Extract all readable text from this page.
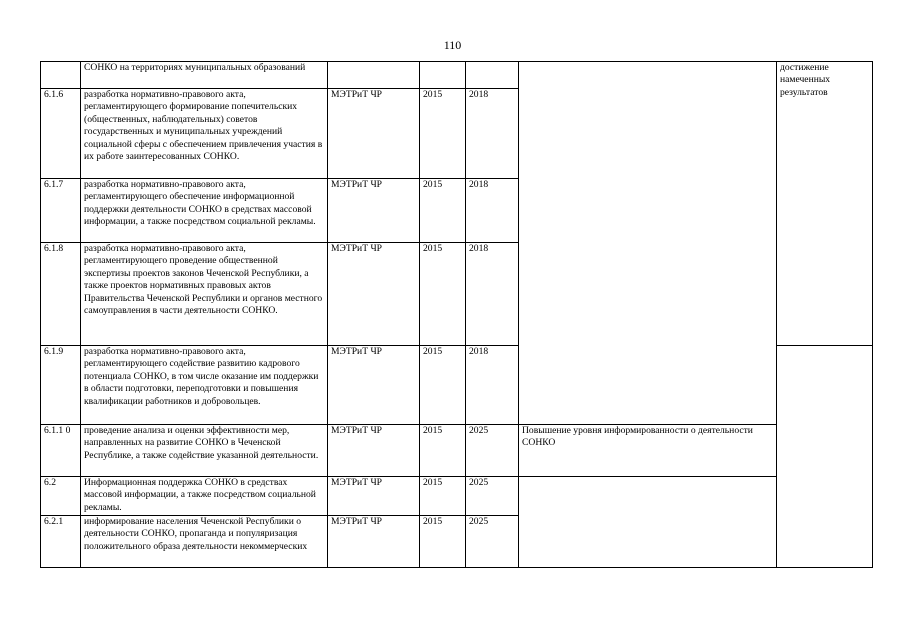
110
	СОНКО на территориях муниципальных образований					достижение намеченных результатов
6.1.6	разработка нормативно-правового акта, регламентирующего формирование попечительских (общественных, наблюдательных) советов государственных и муниципальных учреждений социальной сферы с обеспечением привлечения участия в их работе заинтересованных СОНКО.	МЭТРиТ ЧР	2015	2018		
6.1.7	разработка нормативно-правового акта, регламентирующего обеспечение информационной поддержки деятельности СОНКО в средствах массовой информации, а также посредством социальной рекламы.	МЭТРиТ ЧР	2015	2018		
6.1.8	разработка нормативно-правового акта, регламентирующего проведение общественной экспертизы проектов законов Чеченской Республики, а также проектов нормативных правовых актов Правительства Чеченской Республики и органов местного самоуправления в части деятельности СОНКО.	МЭТРиТ ЧР	2015	2018		
6.1.9	разработка нормативно-правового акта, регламентирующего содействие развитию кадрового потенциала СОНКО, в том числе оказание им поддержки в области подготовки, переподготовки и повышения квалификации работников и добровольцев.	МЭТРиТ ЧР	2015	2018		
6.1.1 0	проведение анализа и оценки эффективности мер, направленных на развитие СОНКО в Чеченской Республике, а также содействие указанной деятельности.	МЭТРиТ ЧР	2015	2025	Повышение уровня информированности о деятельности СОНКО	
6.2	Информационная поддержка СОНКО в средствах массовой информации, а также посредством социальной рекламы.	МЭТРиТ ЧР	2015	2025		
6.2.1	информирование населения Чеченской Республики о деятельности СОНКО, пропаганда и популяризация положительного образа деятельности некоммерческих	МЭТРиТ ЧР	2015	2025		
